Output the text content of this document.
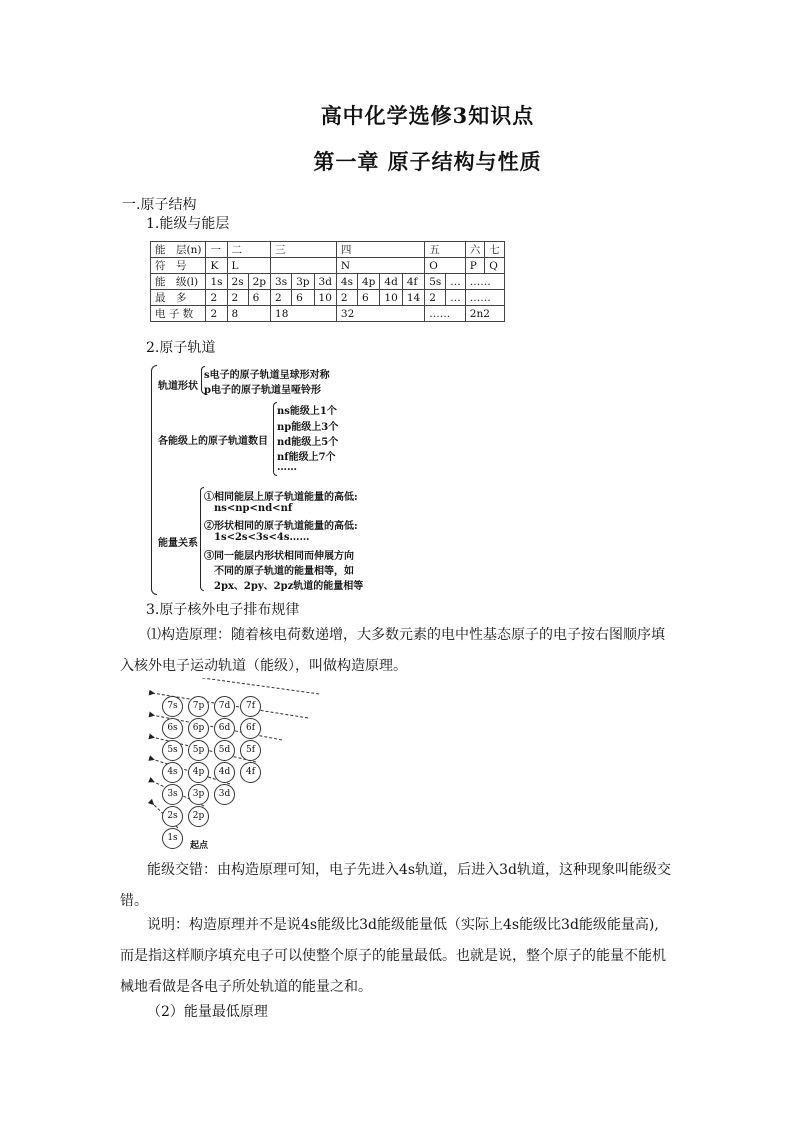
高中化学选修3知识点
第一章 原子结构与性质
一.原子结构
1.能级与能层
能　层(n)	一	二		三			四				五		六	七
符　号	K	L					N				O		P	Q
能　级(l)	1s	2s	2p	3s	3p	3d	4s	4p	4d	4f	5s	…	……	
最　多	2	2	6	2	6	10	2	6	10	14	2	…	……	
电 子 数	2	8		18			32				……		2n2	
2.原子轨道
轨道形状
s电子的原子轨道呈球形对称
p电子的原子轨道呈哑铃形
各能级上的原子轨道数目
ns能级上1个
np能级上3个
nd能级上5个
nf能级上7个
……
能量关系
①相同能层上原子轨道能量的高低:
ns<np<nd<nf
②形状相同的原子轨道能量的高低:
1s<2s<3s<4s……
③同一能层内形状相同而伸展方向
不同的原子轨道的能量相等，如
2px、2py、2pz轨道的能量相等
3.原子核外电子排布规律
⑴构造原理：随着核电荷数递增，大多数元素的电中性基态原子的电子按右图顺序填
入核外电子运动轨道（能级），叫做构造原理。
7s	7p	7d	7f
6s	6p	6d	6f
5s	5p	5d	5f
4s	4p	4d	4f
3s	3p	3d
2s	2p
1s
起点
能级交错：由构造原理可知，电子先进入4s轨道，后进入3d轨道，这种现象叫能级交
错。
说明：构造原理并不是说4s能级比3d能级能量低（实际上4s能级比3d能级能量高),
而是指这样顺序填充电子可以使整个原子的能量最低。也就是说，整个原子的能量不能机
械地看做是各电子所处轨道的能量之和。
（2）能量最低原理
